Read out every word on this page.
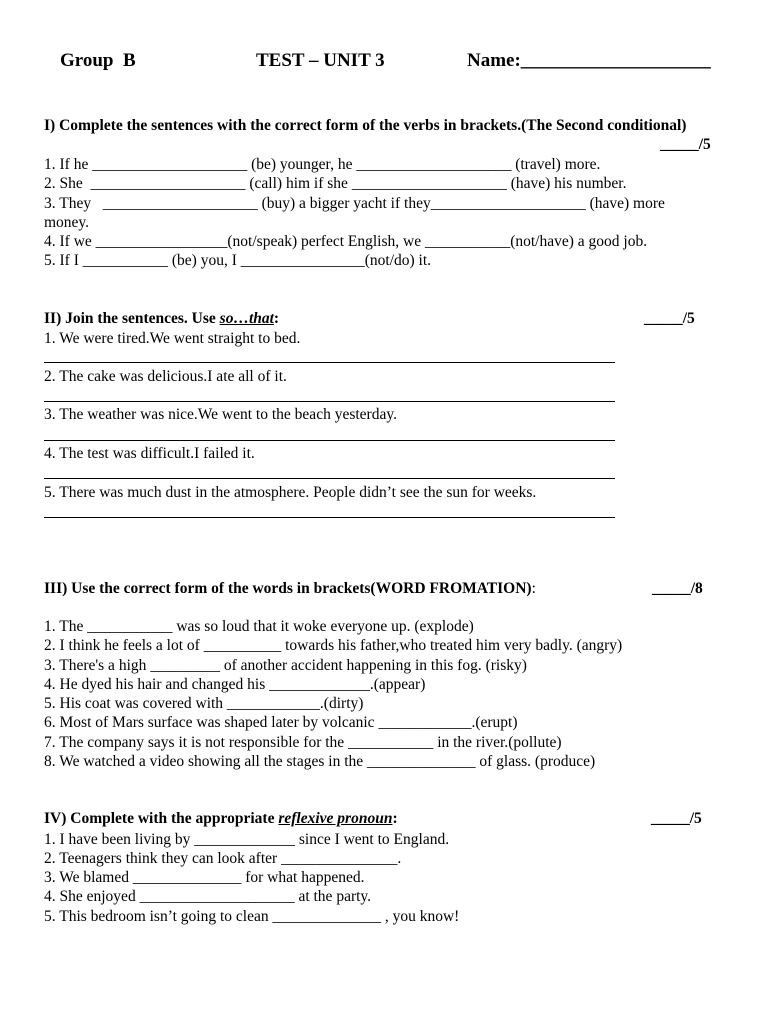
Group  B	TEST – UNIT 3	Name:____________________
I) Complete the sentences with the correct form of the verbs in brackets.(The Second conditional)
_____/5
1. If he ____________________ (be) younger, he ____________________ (travel) more.
2. She  ____________________ (call) him if she ____________________ (have) his number.
3. They   ____________________ (buy) a bigger yacht if they____________________ (have) more
money.
4. If we _________________(not/speak) perfect English, we ___________(not/have) a good job.
5. If I ___________ (be) you, I ________________(not/do) it.
II) Join the sentences. Use so…that:	_____/5
1. We were tired.We went straight to bed.
2. The cake was delicious.I ate all of it.
3. The weather was nice.We went to the beach yesterday.
4. The test was difficult.I failed it.
5. There was much dust in the atmosphere. People didn’t see the sun for weeks.
III) Use the correct form of the words in brackets(WORD FROMATION):	_____/8
1. The ___________ was so loud that it woke everyone up. (explode)
2. I think he feels a lot of __________ towards his father,who treated him very badly. (angry)
3. There's a high _________ of another accident happening in this fog. (risky)
4. He dyed his hair and changed his _____________.(appear)
5. His coat was covered with ____________.(dirty)
6. Most of Mars surface was shaped later by volcanic ____________.(erupt)
7. The company says it is not responsible for the ___________ in the river.(pollute)
8. We watched a video showing all the stages in the ______________ of glass. (produce)
IV) Complete with the appropriate reflexive pronoun:	_____/5
1. I have been living by _____________ since I went to England.
2. Teenagers think they can look after _______________.
3. We blamed ______________ for what happened.
4. She enjoyed ____________________ at the party.
5. This bedroom isn’t going to clean ______________ , you know!
